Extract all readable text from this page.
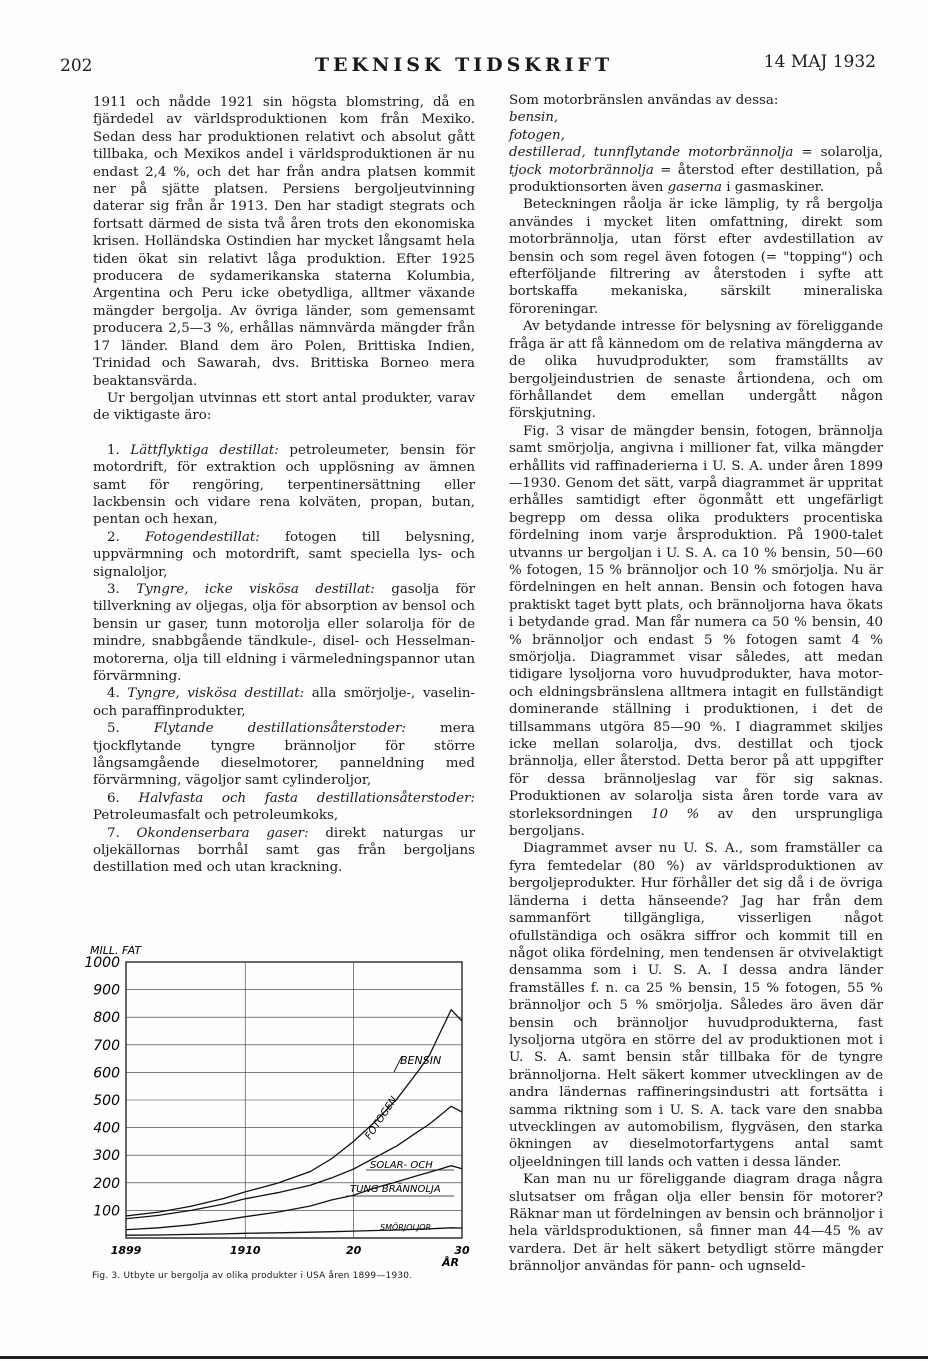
202	TEKNISK TIDSKRIFT	14 MAJ 1932

1911 och nådde 1921 sin högsta blomstring, då en fjärdedel av världsproduktionen kom från Mexiko. Sedan dess har produktionen relativt och absolut gått tillbaka, och Mexikos andel i världsproduktionen är nu endast 2,4 %, och det har från andra platsen kommit ner på sjätte platsen. Persiens bergoljeutvinning daterar sig från år 1913. Den har stadigt stegrats och fortsatt därmed de sista två åren trots den ekonomiska krisen. Holländska Ostindien har mycket långsamt hela tiden ökat sin relativt låga produktion. Efter 1925 producera de sydamerikanska staterna Kolumbia, Argentina och Peru icke obetydliga, alltmer växande mängder bergolja. Av övriga länder, som gemensamt producera 2,5—3 %, erhållas nämnvärda mängder från 17 länder. Bland dem äro Polen, Brittiska Indien, Trinidad och Sawarah, dvs. Brittiska Borneo mera beaktansvärda.

Ur bergoljan utvinnas ett stort antal produkter, varav de viktigaste äro:

1. Lättflyktiga destillat: petroleumeter, bensin för motordrift, för extraktion och upplösning av ämnen samt för rengöring, terpentinersättning eller lackbensin och vidare rena kolväten, propan, butan, pentan och hexan,

2. Fotogendestillat: fotogen till belysning, uppvärmning och motordrift, samt speciella lys- och signaloljor,

3. Tyngre, icke viskösa destillat: gasolja för tillverkning av oljegas, olja för absorption av bensol och bensin ur gaser, tunn motorolja eller solarolja för de mindre, snabbgående tändkule-, disel- och Hesselman-motorerna, olja till eldning i värmeledningspannor utan förvärmning.

4. Tyngre, viskösa destillat: alla smörjolje-, vaselin- och paraffinprodukter,

5.	Flytande destillationsåterstoder: mera tjockflytande tyngre brännoljor för större långsamgående dieselmotorer, panneldning med förvärmning, vägoljor samt cylinderoljor,

6. Halvfasta och fasta destillationsåterstoder: Petroleumasfalt och petroleumkoks,

7. Okondenserbara gaser: direkt naturgas ur oljekällornas borrhål samt gas från bergoljans destillation med och utan krackning.

Som motorbränslen användas av dessa:

bensin,

fotogen,

destillerad, tunnflytande motorbrännolja = solarolja, tjock motorbrännolja = återstod efter destillation, på produktionsorten även gaserna i gasmaskiner.

Beteckningen råolja är icke lämplig, ty rå bergolja användes i mycket liten omfattning, direkt som motorbrännolja, utan först efter avdestillation av bensin och som regel även fotogen (= "topping") och efterföljande filtrering av återstoden i syfte att bortskaffa mekaniska, särskilt mineraliska föroreningar.

Av betydande intresse för belysning av föreliggande fråga är att få kännedom om de relativa mängderna av de olika huvudprodukter, som framställts av bergoljeindustrien de senaste årtiondena, och om förhållandet dem emellan undergått någon förskjutning.

Fig. 3 visar de mängder bensin, fotogen, brännolja samt smörjolja, angivna i millioner fat, vilka mängder erhållits vid raffinaderierna i U. S. A. under åren 1899—1930. Genom det sätt, varpå diagrammet är uppritat erhålles samtidigt efter ögonmått ett ungefärligt begrepp om dessa olika produkters procentiska fördelning inom varje årsproduktion. På 1900-talet utvanns ur bergoljan i U. S. A. ca 10 % bensin, 50—60 % fotogen, 15 % brännoljor och 10 % smörjolja. Nu är fördelningen en helt annan. Bensin och fotogen hava praktiskt taget bytt plats, och brännoljorna hava ökats i betydande grad. Man får numera ca 50 % bensin, 40 % brännoljor och endast 5 % fotogen samt 4 % smörjolja. Diagrammet visar således, att medan tidigare lysoljorna voro huvudprodukter, hava motor- och eldningsbränslena alltmera intagit en fullständigt dominerande ställning i produktionen, i det de tillsammans utgöra 85—90 %. I diagrammet skiljes icke mellan solarolja, dvs. destillat och tjock brännolja, eller återstod. Detta beror på att uppgifter för dessa brännoljeslag var för sig saknas. Produktionen av solarolja sista åren torde vara av storleksordningen 10 % av den ursprungliga bergoljans.

Diagrammet avser nu U. S. A., som framställer ca fyra femtedelar (80 %) av världsproduktionen av bergoljeprodukter. Hur förhåller det sig då i de övriga länderna i detta hänseende? Jag har från dem sammanfört tillgängliga, visserligen något ofullständiga och osäkra siffror och kommit till en något olika fördelning, men tendensen är otvivelaktigt densamma som i U. S. A. I dessa andra länder framställes f. n. ca 25 % bensin, 15 % fotogen, 55 % brännoljor och 5 % smörjolja. Således äro även där bensin och brännoljor huvudprodukterna, fast lysoljorna utgöra en större del av produktionen mot i U. S. A. samt bensin står tillbaka för de tyngre brännoljorna. Helt säkert kommer utvecklingen av de andra ländernas raffineringsindustri att fortsätta i samma riktning som i U. S. A. tack vare den snabba utvecklingen av automobilism, flygväsen, den starka ökningen av dieselmotorfartygens antal samt oljeeldningen till lands och vatten i dessa länder.

Kan man nu ur föreliggande diagram draga några slutsatser om frågan olja eller bensin för motorer? Räknar man ut fördelningen av bensin och brännoljor i hela världsproduktionen, så finner man 44—45 % av vardera. Det är helt säkert betydligt större mängder brännoljor användas för pann- och ugnseld-

100
200
300
400
500
600
700
800
900
1000
1899	1910	20	30
MILL. FAT
ÅR
BENSIN
FOTOGEN
SOLAR- OCH
TUNG BRÄNNOLJA
SMÖRJOLJOR
Fig. 3. Utbyte ur bergolja av olika produkter i USA åren 1899—1930.
